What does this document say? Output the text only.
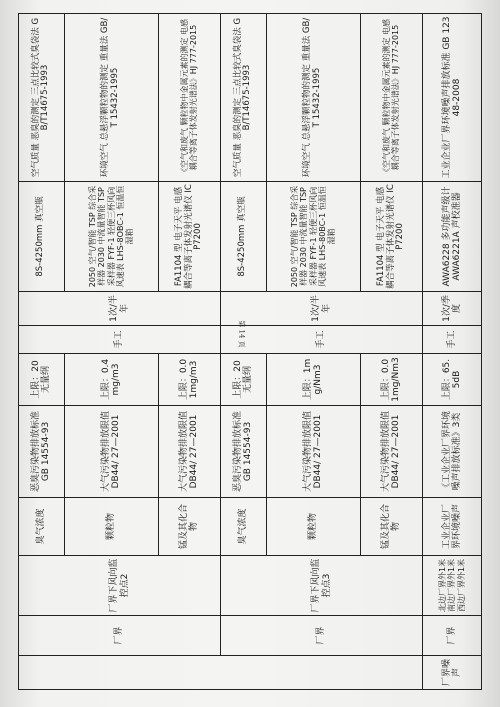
	厂界	厂界下风向监控点2	臭气浓度	恶臭污染物排放标准GB 14554-93	上限：20 无量纲	手工	1次/半年	8S-4250mm 真空瓶	空气质量 恶臭的测定 三点比较式臭袋法 GB/T14675-1993
			颗粒物	大气污染物排放限值 DB44/ 27—2001	上限：0.4mg/m3			2050 空气/智能 TSP 综合采样器 2030 中流量智能 TSP 采样器 FYF-1 轻便三杯风向风速表 LHS-8OBC-1 恒温恒湿箱	环境空气 总悬浮颗粒物的测定 重量法 GB/T 15432-1995
			锰及其化合物	大气污染物排放限值 DB44/ 27—2001	上限：0.01mg/m3			FA1104 型 电子天平 电感耦合等离子体发射光谱仪 ICP7200	《空气和废气 颗粒物中金属元素的测定 电感耦合等离子体发射光谱法》HJ 777-2015
	厂界	厂界下风向监控点3	臭气浓度	恶臭污染物排放标准GB 14554-93	上限：20 无量纲	手工	1次/半年	8S-4250mm 真空瓶	空气质量 恶臭的测定 三点比较式臭袋法 GB/T14675-1993
			颗粒物	大气污染物排放限值 DB44/ 27—2001	上限：1mg/Nm3			2050 空气/智能 TSP 综合采样器 2030 中流量智能 TSP 采样器 FYF-1 轻便三杯风向风速表 LHS-80BC-1 恒温恒湿箱	环境空气 总悬浮颗粒物的测定 重量法 GB/T 15432-1995
			锰及其化合物	大气污染物排放限值 DB44/ 27—2001	上限：0.01mg/Nm3			FA1104 型 电子天平 电感耦合等离子体发射光谱仪 ICP7200	《空气和废气 颗粒物中金属元素的测定 电感耦合等离子体发射光谱法》HJ 777-2015
厂界噪声	厂界	北边厂界外1米 南边厂界外1米 西边厂界外1米	工业企业厂界环境噪声	《工业企业厂界环境噪声排放标准》3类	上限：65.5dB	手工	1次/季度	AWA6228 多功能声级计 AWA6221A 声校准器	工业企业厂界环境噪声排放标准 GB 12348-2008
第 14 页
